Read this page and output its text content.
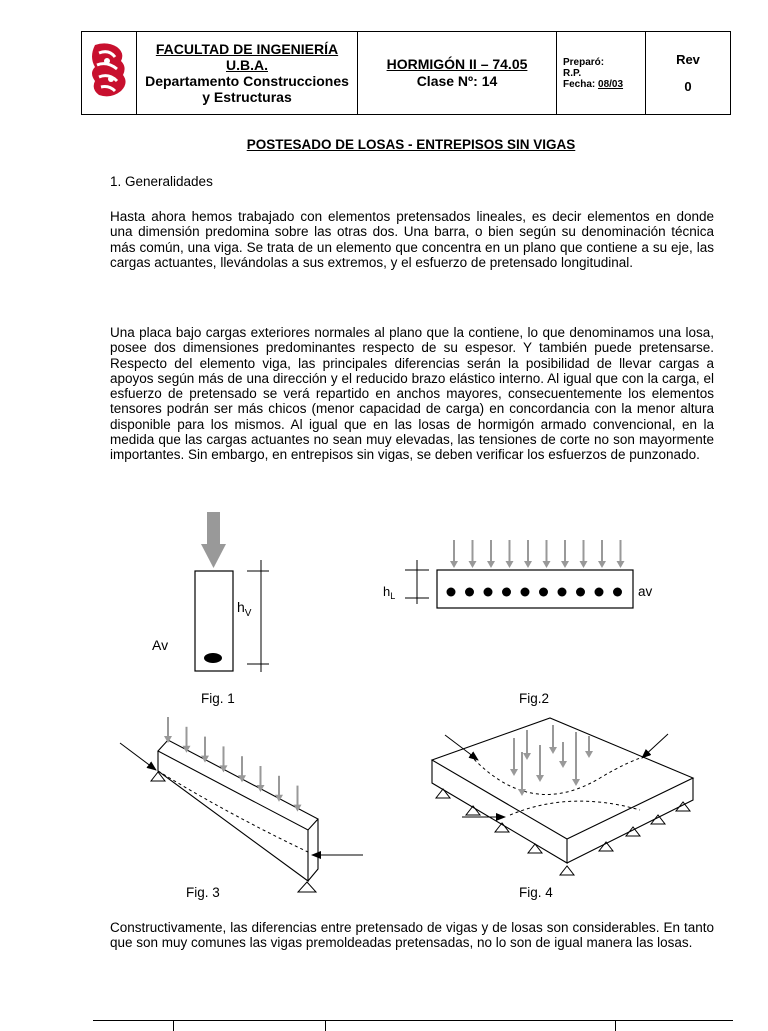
FACULTAD DE INGENIERÍA
U.B.A.
Departamento Construcciones
y Estructuras

HORMIGÓN II – 74.05
Clase Nº: 14

Preparó:
R.P.
Fecha: 08/03

Rev
0
POSTESADO DE LOSAS - ENTREPISOS SIN VIGAS
1. Generalidades
Hasta ahora hemos trabajado con elementos pretensados lineales, es decir elementos en donde una dimensión predomina sobre las otras dos. Una barra, o bien según su denominación técnica más común, una viga. Se trata de un elemento que concentra en un plano que contiene a su eje, las cargas actuantes, llevándolas a sus extremos, y el esfuerzo de pretensado longitudinal.
Una placa bajo cargas exteriores normales al plano que la contiene, lo que denominamos una losa, posee dos dimensiones predominantes respecto de su espesor. Y también puede pretensarse. Respecto del elemento viga, las principales diferencias serán la posibilidad de llevar cargas a apoyos según más de una dirección y el reducido brazo elástico interno. Al igual que con la carga, el esfuerzo de pretensado se verá repartido en anchos mayores, consecuentemente los elementos tensores podrán ser más chicos (menor capacidad de carga) en concordancia con la menor altura disponible para los mismos. Al igual que en las losas de hormigón armado convencional, en la medida que las cargas actuantes no sean muy elevadas, las tensiones de corte no son mayormente importantes. Sin embargo, en entrepisos sin vigas, se deben verificar los esfuerzos de punzonado.
$h_V$
Av
Fig. 1
$h_L$	av
Fig.2
Fig. 3	Fig. 4
Constructivamente, las diferencias entre pretensado de vigas y de losas son considerables. En tanto que son muy comunes las vigas premoldeadas pretensadas, no lo son de igual manera las losas.
